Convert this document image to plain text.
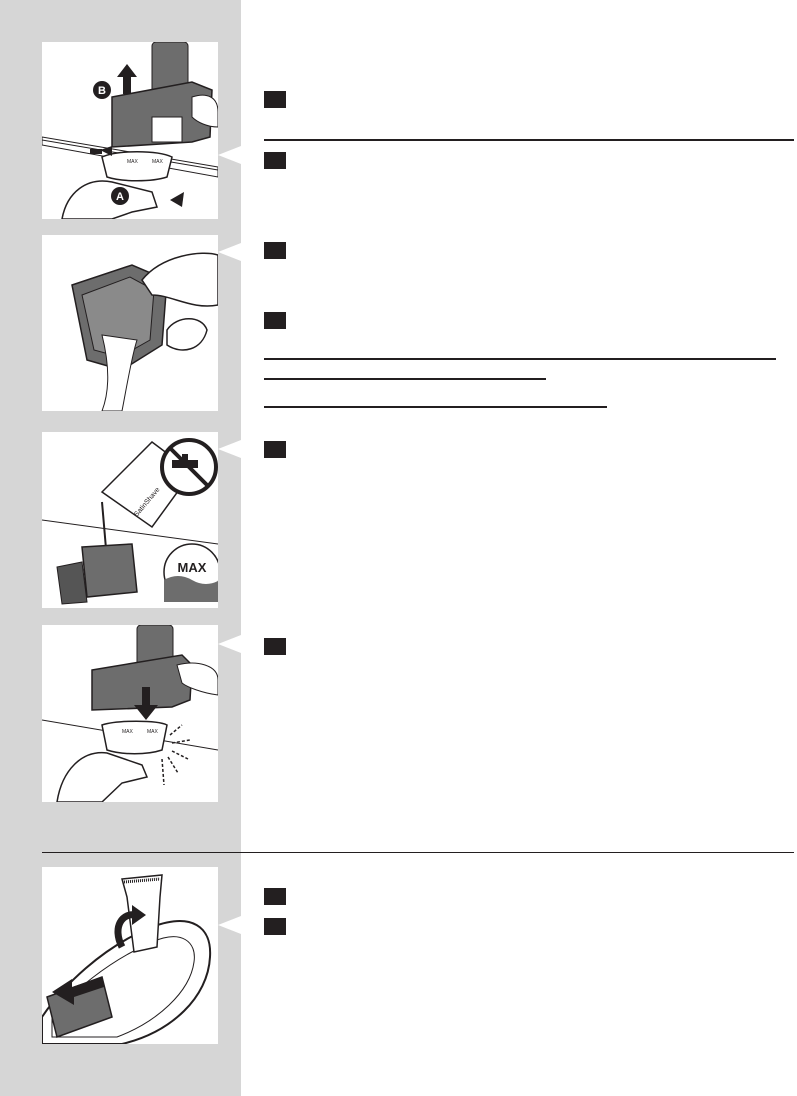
B
MAX	MAX
A
SatinShave
MAX
MAX	MAX
